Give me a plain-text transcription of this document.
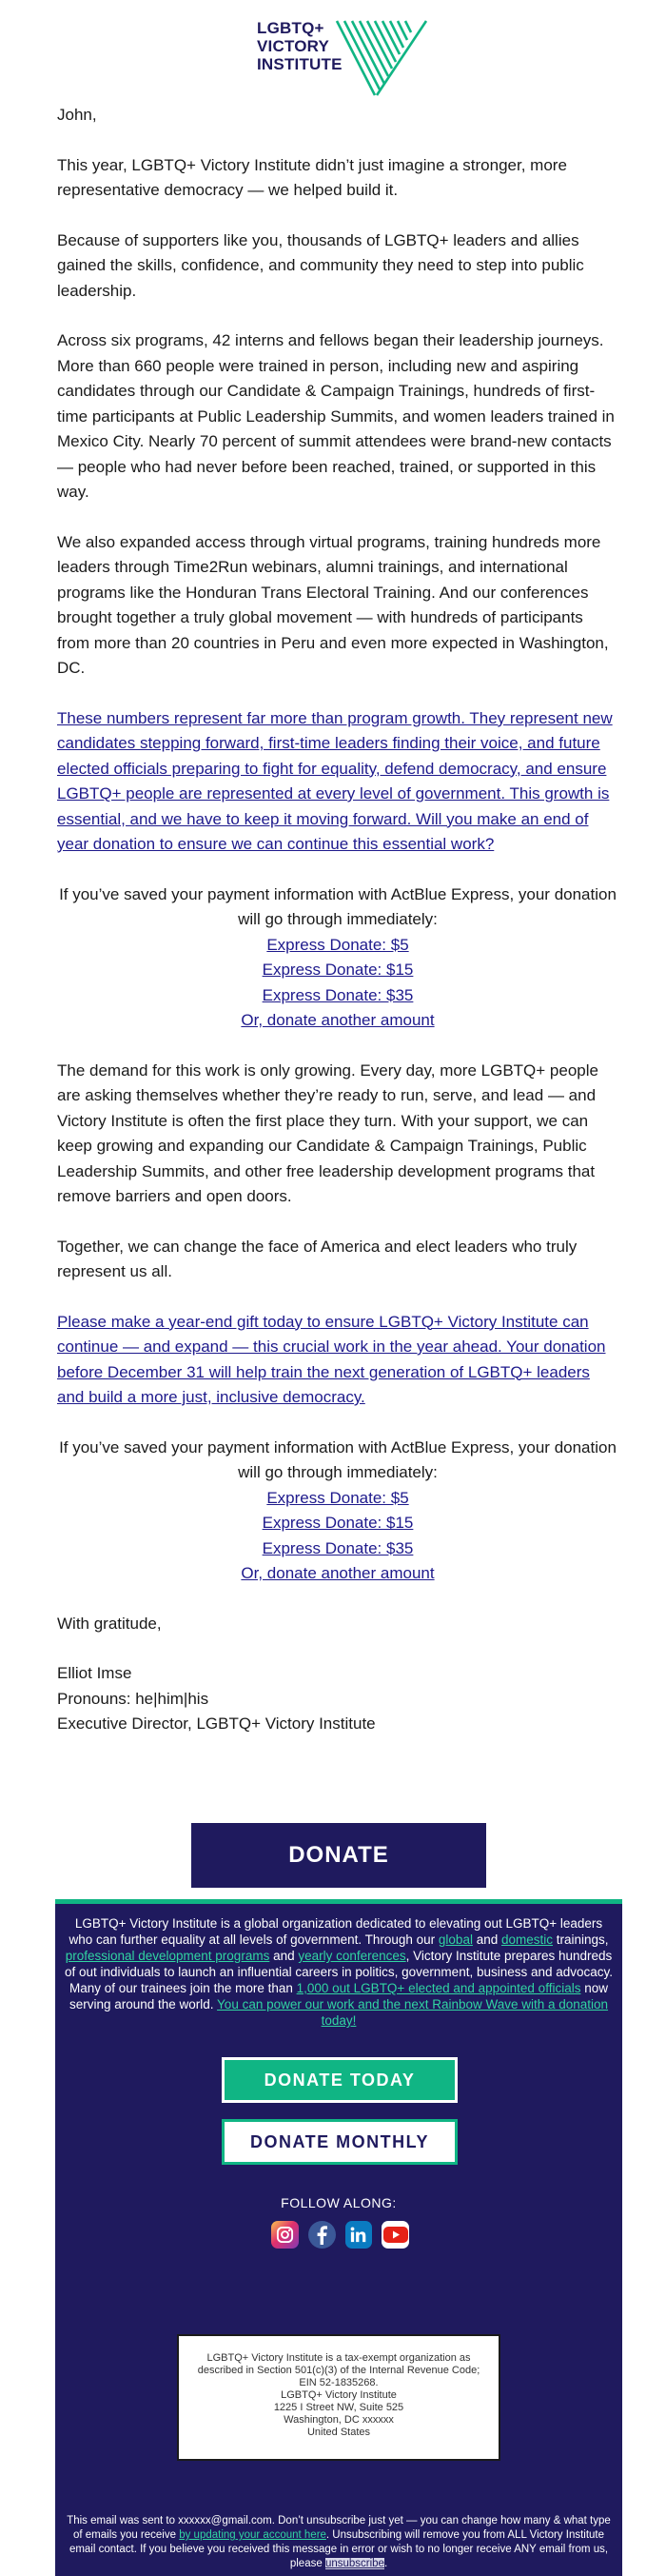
LGBTQ+
VICTORY
INSTITUTE

John,

This year, LGBTQ+ Victory Institute didn’t just imagine a stronger, more representative democracy — we helped build it.

Because of supporters like you, thousands of LGBTQ+ leaders and allies gained the skills, confidence, and community they need to step into public leadership.

Across six programs, 42 interns and fellows began their leadership journeys. More than 660 people were trained in person, including new and aspiring candidates through our Candidate & Campaign Trainings, hundreds of first-time participants at Public Leadership Summits, and women leaders trained in Mexico City. Nearly 70 percent of summit attendees were brand-new contacts — people who had never before been reached, trained, or supported in this way.

We also expanded access through virtual programs, training hundreds more leaders through Time2Run webinars, alumni trainings, and international programs like the Honduran Trans Electoral Training. And our conferences brought together a truly global movement — with hundreds of participants from more than 20 countries in Peru and even more expected in Washington, DC.

These numbers represent far more than program growth. They represent new candidates stepping forward, first-time leaders finding their voice, and future elected officials preparing to fight for equality, defend democracy, and ensure LGBTQ+ people are represented at every level of government. This growth is essential, and we have to keep it moving forward. Will you make an end of year donation to ensure we can continue this essential work?

If you’ve saved your payment information with ActBlue Express, your donation will go through immediately:
Express Donate: $5
Express Donate: $15
Express Donate: $35
Or, donate another amount

The demand for this work is only growing. Every day, more LGBTQ+ people are asking themselves whether they’re ready to run, serve, and lead — and Victory Institute is often the first place they turn. With your support, we can keep growing and expanding our Candidate & Campaign Trainings, Public Leadership Summits, and other free leadership development programs that remove barriers and open doors.

Together, we can change the face of America and elect leaders who truly represent us all.

Please make a year-end gift today to ensure LGBTQ+ Victory Institute can continue — and expand — this crucial work in the year ahead. Your donation before December 31 will help train the next generation of LGBTQ+ leaders and build a more just, inclusive democracy.

If you’ve saved your payment information with ActBlue Express, your donation will go through immediately:
Express Donate: $5
Express Donate: $15
Express Donate: $35
Or, donate another amount

With gratitude,

Elliot Imse

Pronouns: he|him|his

Executive Director, LGBTQ+ Victory Institute

DONATE
LGBTQ+ Victory Institute is a global organization dedicated to elevating out LGBTQ+ leaders who can further equality at all levels of government. Through our global and domestic trainings, professional development programs and yearly conferences, Victory Institute prepares hundreds of out individuals to launch an influential careers in politics, government, business and advocacy. Many of our trainees join the more than 1,000 out LGBTQ+ elected and appointed officials now serving around the world. You can power our work and the next Rainbow Wave with a donation today!
DONATE TODAY
DONATE MONTHLY
FOLLOW ALONG:
LGBTQ+ Victory Institute is a tax-exempt organization as described in Section 501(c)(3) of the Internal Revenue Code; EIN 52-1835268.
LGBTQ+ Victory Institute
1225 I Street NW, Suite 525
Washington, DC xxxxxx
United States
This email was sent to xxxxxx@gmail.com. Don’t unsubscribe just yet — you can change how many & what type of emails you receive by updating your account here. Unsubscribing will remove you from ALL Victory Institute email contact. If you believe you received this message in error or wish to no longer receive ANY email from us, please unsubscribe.
